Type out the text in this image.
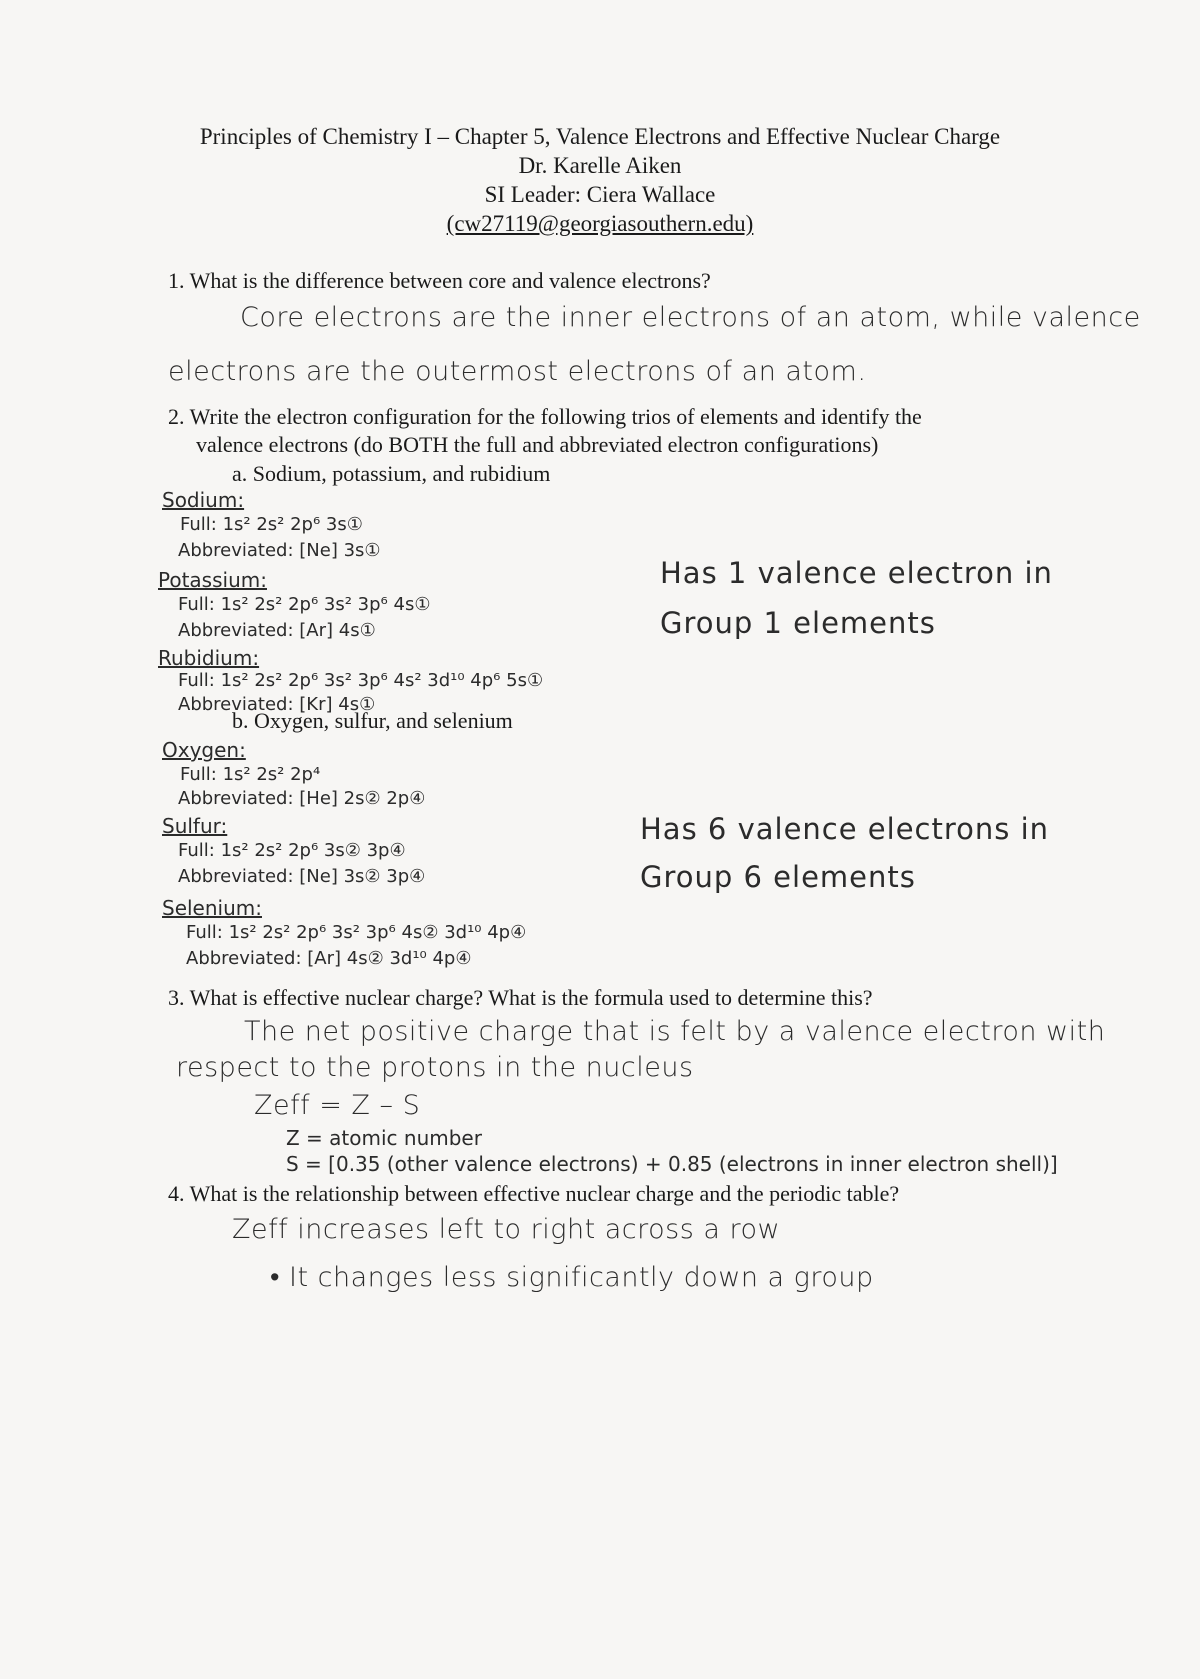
Principles of Chemistry I – Chapter 5, Valence Electrons and Effective Nuclear Charge
Dr. Karelle Aiken
SI Leader: Ciera Wallace
(cw27119@georgiasouthern.edu)
1. What is the difference between core and valence electrons?
Core electrons are the inner electrons of an atom, while valence
electrons are the outermost electrons of an atom.
2. Write the electron configuration for the following trios of elements and identify the
valence electrons (do BOTH the full and abbreviated electron configurations)
a. Sodium, potassium, and rubidium
Sodium:
Full: 1s² 2s² 2p⁶ 3s①
Abbreviated: [Ne] 3s①
Potassium:
Full: 1s² 2s² 2p⁶ 3s² 3p⁶ 4s①
Abbreviated: [Ar] 4s①
Rubidium:
Full: 1s² 2s² 2p⁶ 3s² 3p⁶ 4s² 3d¹⁰ 4p⁶ 5s①
Abbreviated: [Kr] 4s①
Has 1 valence electron in
Group 1 elements
b. Oxygen, sulfur, and selenium
Oxygen:
Full: 1s² 2s² 2p⁴
Abbreviated: [He] 2s② 2p④
Sulfur:
Full: 1s² 2s² 2p⁶ 3s② 3p④
Abbreviated: [Ne] 3s② 3p④
Selenium:
Full: 1s² 2s² 2p⁶ 3s² 3p⁶ 4s② 3d¹⁰ 4p④
Abbreviated: [Ar] 4s② 3d¹⁰ 4p④
Has 6 valence electrons in
Group 6 elements
3. What is effective nuclear charge? What is the formula used to determine this?
The net positive charge that is felt by a valence electron with
respect to the protons in the nucleus
Zeff = Z – S
Z = atomic number
S = [0.35 (other valence electrons) + 0.85 (electrons in inner electron shell)]
4. What is the relationship between effective nuclear charge and the periodic table?
Zeff increases left to right across a row
• It changes less significantly down a group
